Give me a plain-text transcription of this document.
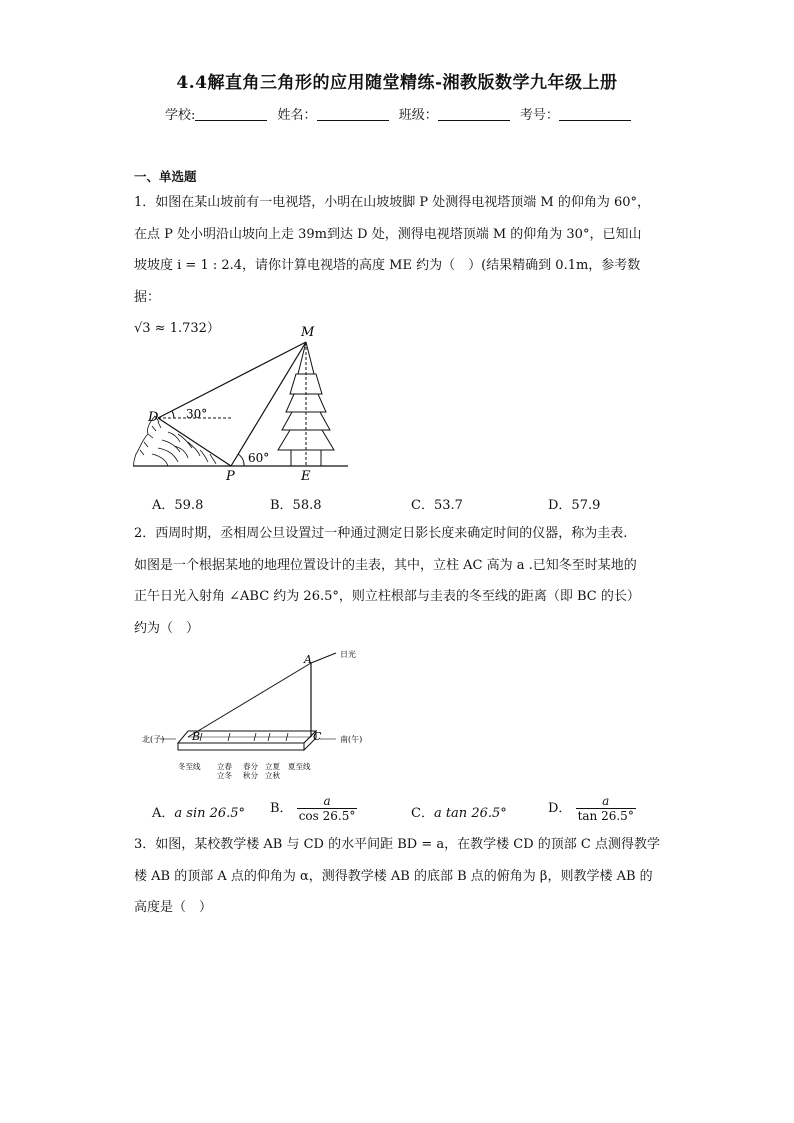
4.4解直角三角形的应用随堂精练-湘教版数学九年级上册
学校:	姓名：	班级：	考号：
一、单选题
1．如图在某山坡前有一电视塔，小明在山坡坡脚 P 处测得电视塔顶端 M 的仰角为 60°，
在点 P 处小明沿山坡向上走 39m到达 D 处，测得电视塔顶端 M 的仰角为 30°，已知山
坡坡度 i = 1 : 2.4，请你计算电视塔的高度 ME 约为（　）(结果精确到 0.1m，参考数据：
√3 ≈ 1.732）	M
D
P	E
30°
60°
A．59.8	B．58.8	C．53.7	D．57.9
2．西周时期，丞相周公旦设置过一种通过测定日影长度来确定时间的仪器，称为圭表.
如图是一个根据某地的地理位置设计的圭表，其中，立柱 AC 高为 a .已知冬至时某地的
正午日光入射角 ∠ABC 约为 26.5°，则立柱根部与圭表的冬至线的距离（即 BC 的长）
约为（　）
A
B	C
日光
北(子)	南(午)
冬至线 立春
立冬
春分
秋分
立夏
立秋
夏至线
A．a sin 26.5° B． $\frac{a}{\cos 26.5^\circ}$	C．a tan 26.5°	D． $\frac{a}{\tan 26.5^\circ}$
3．如图，某校教学楼 AB 与 CD 的水平间距 BD = a，在教学楼 CD 的顶部 C 点测得教学
楼 AB 的顶部 A 点的仰角为 α，测得教学楼 AB 的底部 B 点的俯角为 β，则教学楼 AB 的
高度是（　）
